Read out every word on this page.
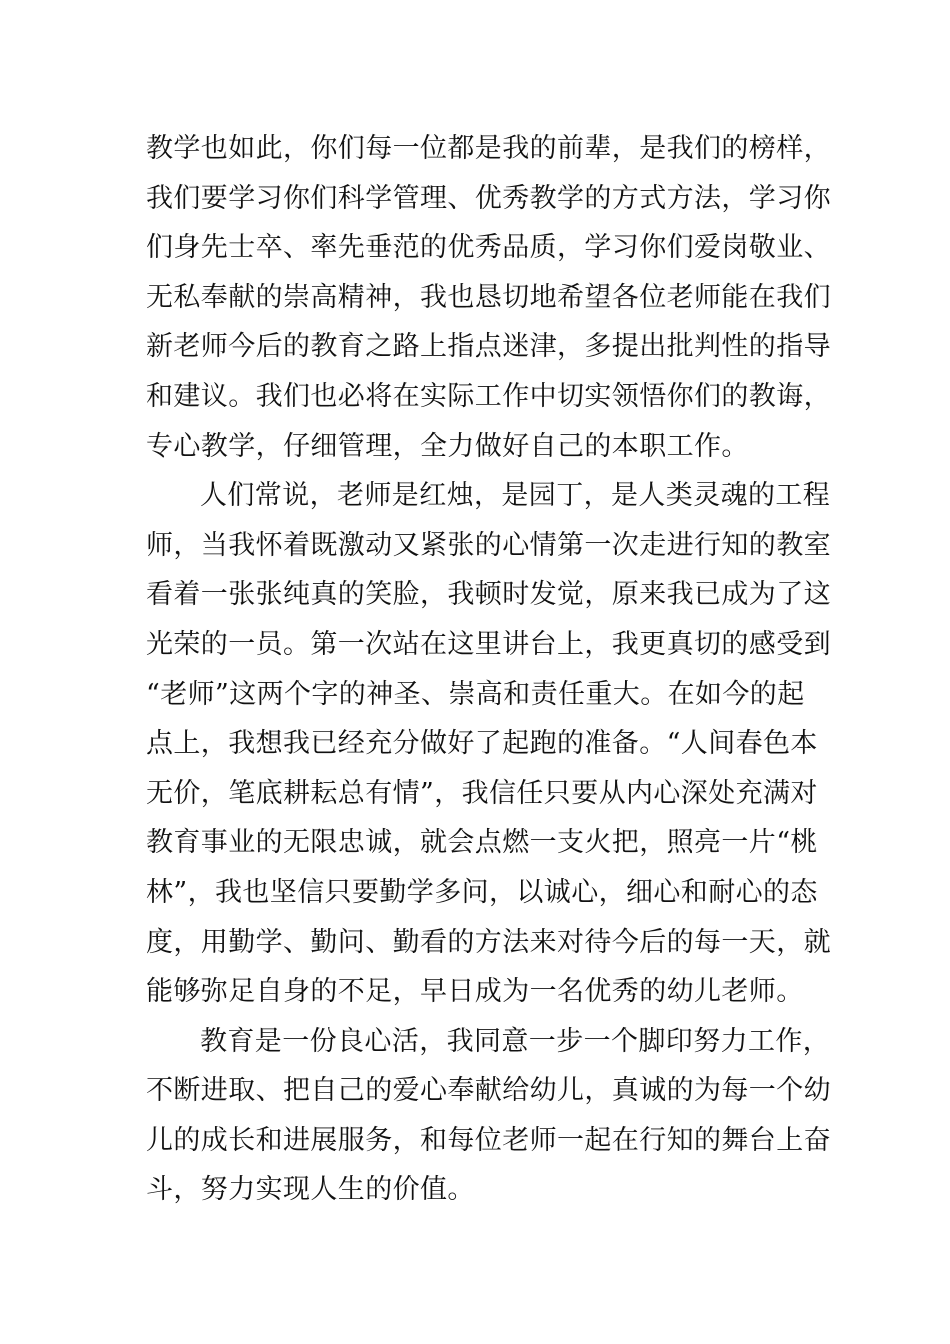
教学也如此，你们每一位都是我的前辈，是我们的榜样，
我们要学习你们科学管理、优秀教学的方式方法，学习你
们身先士卒、率先垂范的优秀品质，学习你们爱岗敬业、
无私奉献的崇高精神，我也恳切地希望各位老师能在我们
新老师今后的教育之路上指点迷津，多提出批判性的指导
和建议。我们也必将在实际工作中切实领悟你们的教诲，
专心教学，仔细管理，全力做好自己的本职工作。
人们常说，老师是红烛，是园丁，是人类灵魂的工程
师，当我怀着既激动又紧张的心情第一次走进行知的教室
看着一张张纯真的笑脸，我顿时发觉，原来我已成为了这
光荣的一员。第一次站在这里讲台上，我更真切的感受到
“老师”这两个字的神圣、崇高和责任重大。在如今的起
点上，我想我已经充分做好了起跑的准备。“人间春色本
无价，笔底耕耘总有情”，我信任只要从内心深处充满对
教育事业的无限忠诚，就会点燃一支火把，照亮一片“桃
林”，我也坚信只要勤学多问，以诚心，细心和耐心的态
度，用勤学、勤问、勤看的方法来对待今后的每一天，就
能够弥足自身的不足，早日成为一名优秀的幼儿老师。
教育是一份良心活，我同意一步一个脚印努力工作，
不断进取、把自己的爱心奉献给幼儿，真诚的为每一个幼
儿的成长和进展服务，和每位老师一起在行知的舞台上奋
斗，努力实现人生的价值。
